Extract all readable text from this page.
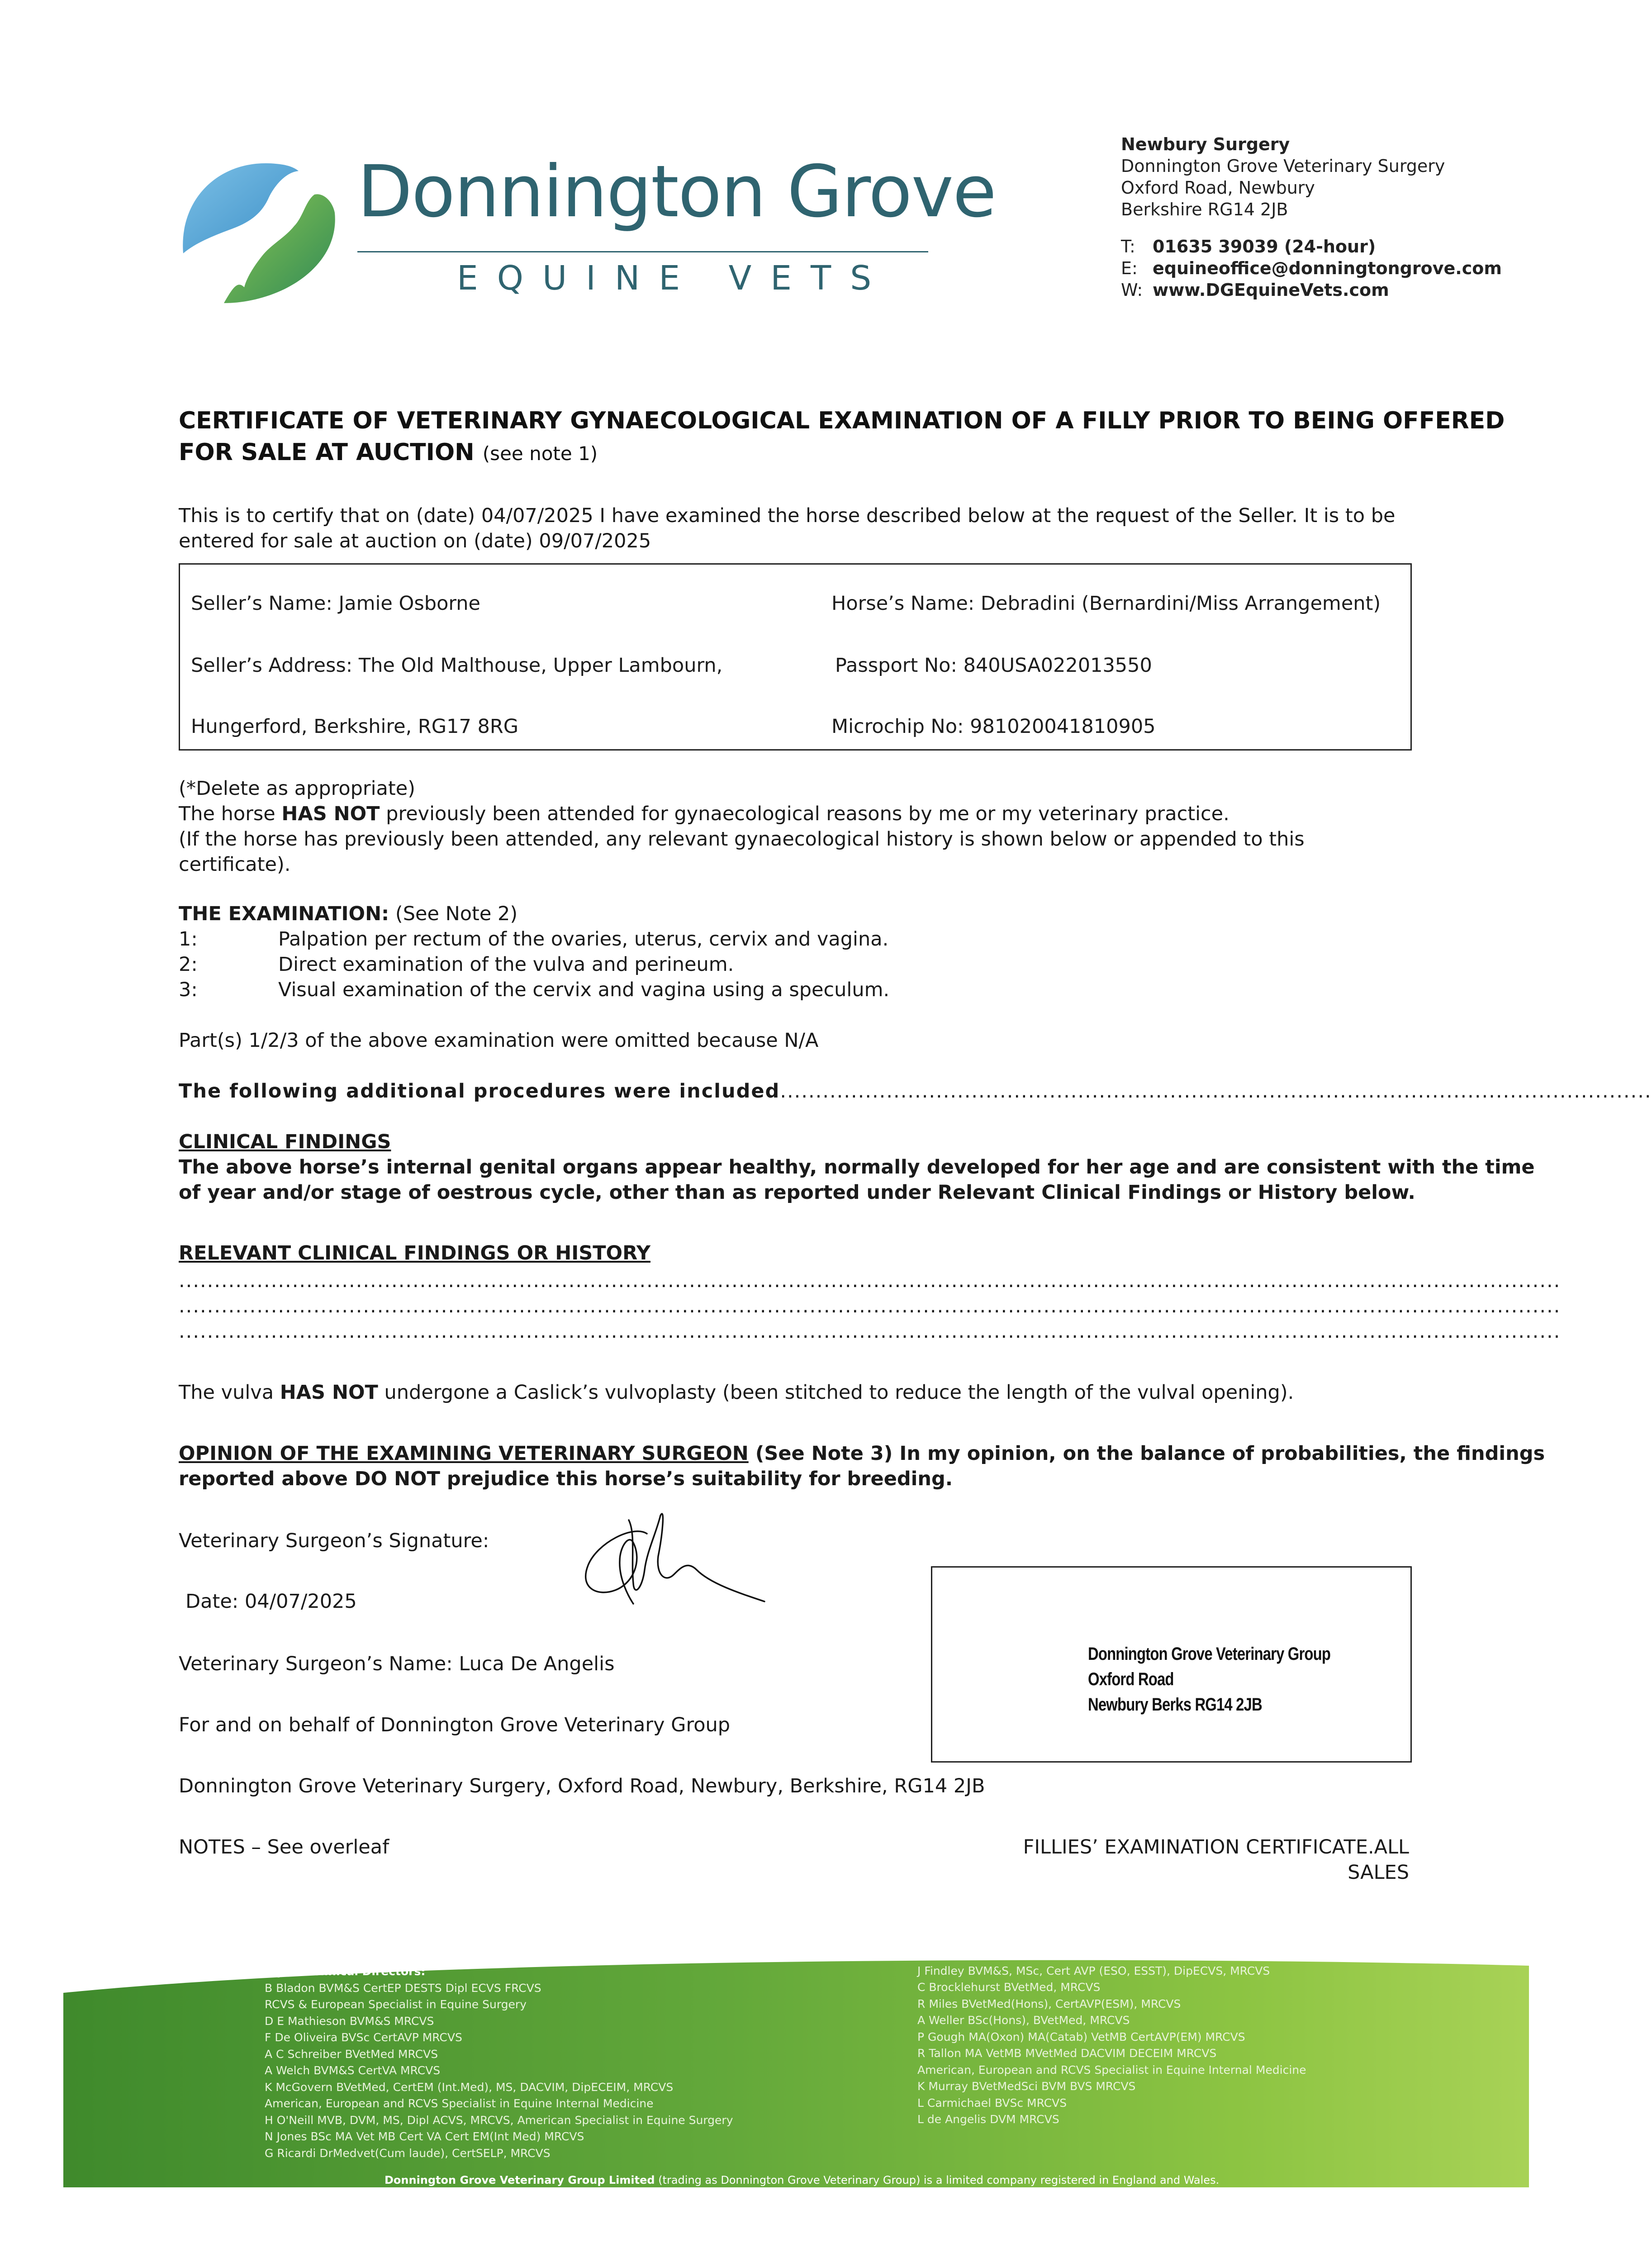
Donnington Grove
EQUINE VETS
Newbury Surgery
Donnington Grove Veterinary Surgery
Oxford Road, Newbury
Berkshire RG14 2JB
T: 01635 39039 (24-hour)
E: equineoffice@donningtongrove.com
W: www.DGEquineVets.com
CERTIFICATE OF VETERINARY GYNAECOLOGICAL EXAMINATION OF A FILLY PRIOR TO BEING OFFERED
FOR SALE AT AUCTION (see note 1)
This is to certify that on (date) 04/07/2025 I have examined the horse described below at the request of the Seller. It is to be
entered for sale at auction on (date) 09/07/2025
Seller’s Name: Jamie Osborne	Horse’s Name: Debradini (Bernardini/Miss Arrangement)
Seller’s Address: The Old Malthouse, Upper Lambourn,	Passport No: 840USA022013550
Hungerford, Berkshire, RG17 8RG	Microchip No: 981020041810905
(*Delete as appropriate)
The horse HAS NOT previously been attended for gynaecological reasons by me or my veterinary practice.
(If the horse has previously been attended, any relevant gynaecological history is shown below or appended to this
certificate).
THE EXAMINATION: (See Note 2)
1:	Palpation per rectum of the ovaries, uterus, cervix and vagina.
2:	Direct examination of the vulva and perineum.
3:	Visual examination of the cervix and vagina using a speculum.
Part(s) 1/2/3 of the above examination were omitted because N/A
The following additional procedures were included...........................................................................................................................
CLINICAL FINDINGS
The above horse’s internal genital organs appear healthy, normally developed for her age and are consistent with the time
of year and/or stage of oestrous cycle, other than as reported under Relevant Clinical Findings or History below.
RELEVANT CLINICAL FINDINGS OR HISTORY
...................................................................................................................................................................................................
...................................................................................................................................................................................................
...................................................................................................................................................................................................
The vulva HAS NOT undergone a Caslick’s vulvoplasty (been stitched to reduce the length of the vulval opening).
OPINION OF THE EXAMINING VETERINARY SURGEON (See Note 3) In my opinion, on the balance of probabilities, the findings
reported above DO NOT prejudice this horse’s suitability for breeding.
Veterinary Surgeon’s Signature:
Date: 04/07/2025
Veterinary Surgeon’s Name: Luca De Angelis
For and on behalf of Donnington Grove Veterinary Group
Donnington Grove Veterinary Group
Oxford Road
Newbury Berks RG14 2JB
Donnington Grove Veterinary Surgery, Oxford Road, Newbury, Berkshire, RG14 2JB
NOTES – See overleaf	FILLIES’ EXAMINATION CERTIFICATE.ALL SALES
Equine Clinical Directors:
B Bladon BVM&S CertEP DESTS Dipl ECVS FRCVS
RCVS & European Specialist in Equine Surgery
D E Mathieson BVM&S MRCVS
F De Oliveira BVSc CertAVP MRCVS
A C Schreiber BVetMed MRCVS
A Welch BVM&S CertVA MRCVS
K McGovern BVetMed, CertEM (Int.Med), MS, DACVIM, DipECEIM, MRCVS
American, European and RCVS Specialist in Equine Internal Medicine
H O'Neill MVB, DVM, MS, Dipl ACVS, MRCVS, American Specialist in Equine Surgery
N Jones BSc MA Vet MB Cert VA Cert EM(Int Med) MRCVS
G Ricardi DrMedvet(Cum laude), CertSELP, MRCVS
Associates:
J Findley BVM&S, MSc, Cert AVP (ESO, ESST), DipECVS, MRCVS
C Brocklehurst BVetMed, MRCVS
R Miles BVetMed(Hons), CertAVP(ESM), MRCVS
A Weller BSc(Hons), BVetMed, MRCVS
P Gough MA(Oxon) MA(Catab) VetMB CertAVP(EM) MRCVS
R Tallon MA VetMB MVetMed DACVIM DECEIM MRCVS
American, European and RCVS Specialist in Equine Internal Medicine
K Murray BVetMedSci BVM BVS MRCVS
L Carmichael BVSc MRCVS
L de Angelis DVM MRCVS
Donnington Grove Veterinary Group Limited (trading as Donnington Grove Veterinary Group) is a limited company registered in England and Wales.
